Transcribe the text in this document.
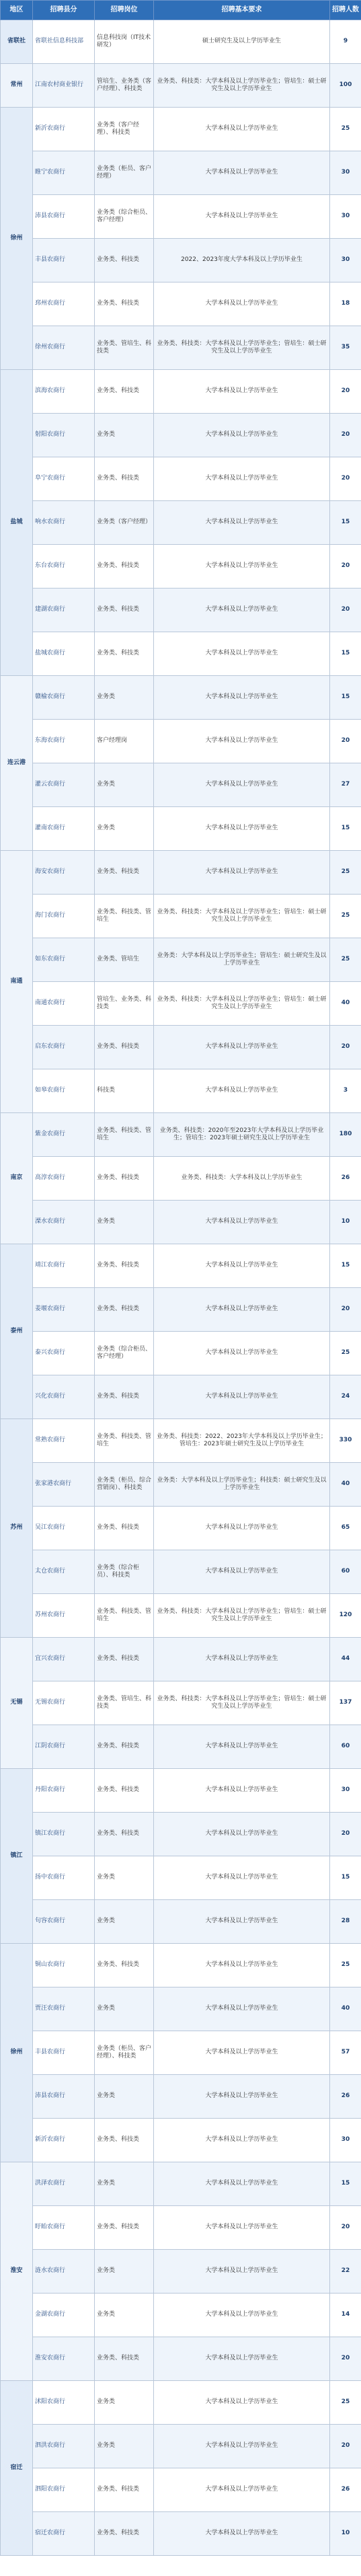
地区	招聘县分	招聘岗位	招聘基本要求	招聘人数
省联社	省联社信息科技部	信息科技岗（IT技术研发）	硕士研究生及以上学历毕业生	9
常州	江南农村商业银行	管培生、业务类（客户经理）、科技类	业务类、科技类：大学本科及以上学历毕业生；管培生：硕士研究生及以上学历毕业生	100
徐州	新沂农商行	业务类（客户经理）、科技类	大学本科及以上学历毕业生	25
	睢宁农商行	业务类（柜员、客户经理）	大学本科及以上学历毕业生	30
	沛县农商行	业务类（综合柜员、客户经理）	大学本科及以上学历毕业生	30
	丰县农商行	业务类、科技类	2022、2023年度大学本科及以上学历毕业生	30
	邳州农商行	业务类、科技类	大学本科及以上学历毕业生	18
	徐州农商行	业务类、管培生、科技类	业务类、科技类：大学本科及以上学历毕业生；管培生：硕士研究生及以上学历毕业生	35
盐城	滨海农商行	业务类、科技类	大学本科及以上学历毕业生	20
	射阳农商行	业务类	大学本科及以上学历毕业生	20
	阜宁农商行	业务类、科技类	大学本科及以上学历毕业生	20
	响水农商行	业务类（客户经理）	大学本科及以上学历毕业生	15
	东台农商行	业务类、科技类	大学本科及以上学历毕业生	20
	建湖农商行	业务类、科技类	大学本科及以上学历毕业生	20
	盐城农商行	业务类、科技类	大学本科及以上学历毕业生	15
连云港	赣榆农商行	业务类	大学本科及以上学历毕业生	15
	东海农商行	客户经理岗	大学本科及以上学历毕业生	20
	灌云农商行	业务类	大学本科及以上学历毕业生	27
	灌南农商行	业务类	大学本科及以上学历毕业生	15
南通	海安农商行	业务类、科技类	大学本科及以上学历毕业生	25
	海门农商行	业务类、科技类、管培生	业务类、科技类：大学本科及以上学历毕业生；管培生：硕士研究生及以上学历毕业生	25
	如东农商行	业务类、管培生	业务类：大学本科及以上学历毕业生；管培生：硕士研究生及以上学历毕业生	25
	南通农商行	管培生、业务类、科技类	业务类、科技类：大学本科及以上学历毕业生；管培生：硕士研究生及以上学历毕业生	40
	启东农商行	业务类、科技类	大学本科及以上学历毕业生	20
	如皋农商行	科技类	大学本科及以上学历毕业生	3
南京	紫金农商行	业务类、科技类、管培生	业务类、科技类：2020年至2023年大学本科及以上学历毕业生；管培生：2023年硕士研究生及以上学历毕业生	180
	高淳农商行	业务类、科技类	业务类、科技类：大学本科及以上学历毕业生	26
	溧水农商行	业务类	大学本科及以上学历毕业生	10
泰州	靖江农商行	业务类、科技类	大学本科及以上学历毕业生	15
	姜堰农商行	业务类、科技类	大学本科及以上学历毕业生	20
	泰兴农商行	业务类（综合柜员、客户经理）	大学本科及以上学历毕业生	25
	兴化农商行	业务类、科技类	大学本科及以上学历毕业生	24
苏州	常熟农商行	业务类、科技类、管培生	业务类、科技类：2022、2023年大学本科及以上学历毕业生；管培生：2023年硕士研究生及以上学历毕业生	330
	张家港农商行	业务类（柜员、综合营销岗）、科技类	业务类：大学本科及以上学历毕业生；科技类：硕士研究生及以上学历毕业生	40
	吴江农商行	业务类、科技类	大学本科及以上学历毕业生	65
	太仓农商行	业务类（综合柜员）、科技类	大学本科及以上学历毕业生	60
	苏州农商行	业务类、科技类、管培生	业务类、科技类：大学本科及以上学历毕业生；管培生：硕士研究生及以上学历毕业生	120
无锡	宜兴农商行	业务类、科技类	大学本科及以上学历毕业生	44
	无锡农商行	业务类、管培生、科技类	业务类、科技类：大学本科及以上学历毕业生；管培生：硕士研究生及以上学历毕业生	137
	江阴农商行	业务类、科技类	大学本科及以上学历毕业生	60
镇江	丹阳农商行	业务类、科技类	大学本科及以上学历毕业生	30
	镇江农商行	业务类、科技类	大学本科及以上学历毕业生	20
	扬中农商行	业务类	大学本科及以上学历毕业生	15
	句容农商行	业务类	大学本科及以上学历毕业生	28
徐州	铜山农商行	业务类、科技类	大学本科及以上学历毕业生	25
	贾汪农商行	业务类	大学本科及以上学历毕业生	40
	丰县农商行	业务类（柜员、客户经理）、科技类	大学本科及以上学历毕业生	57
	沛县农商行	业务类	大学本科及以上学历毕业生	26
	新沂农商行	业务类、科技类	大学本科及以上学历毕业生	30
淮安	洪泽农商行	业务类	大学本科及以上学历毕业生	15
	盱眙农商行	业务类、科技类	大学本科及以上学历毕业生	20
	涟水农商行	业务类	大学本科及以上学历毕业生	22
	金湖农商行	业务类	大学本科及以上学历毕业生	14
	淮安农商行	业务类、科技类	大学本科及以上学历毕业生	20
宿迁	沭阳农商行	业务类	大学本科及以上学历毕业生	25
	泗洪农商行	业务类	大学本科及以上学历毕业生	20
	泗阳农商行	业务类、科技类	大学本科及以上学历毕业生	26
	宿迁农商行	业务类、科技类	大学本科及以上学历毕业生	10
